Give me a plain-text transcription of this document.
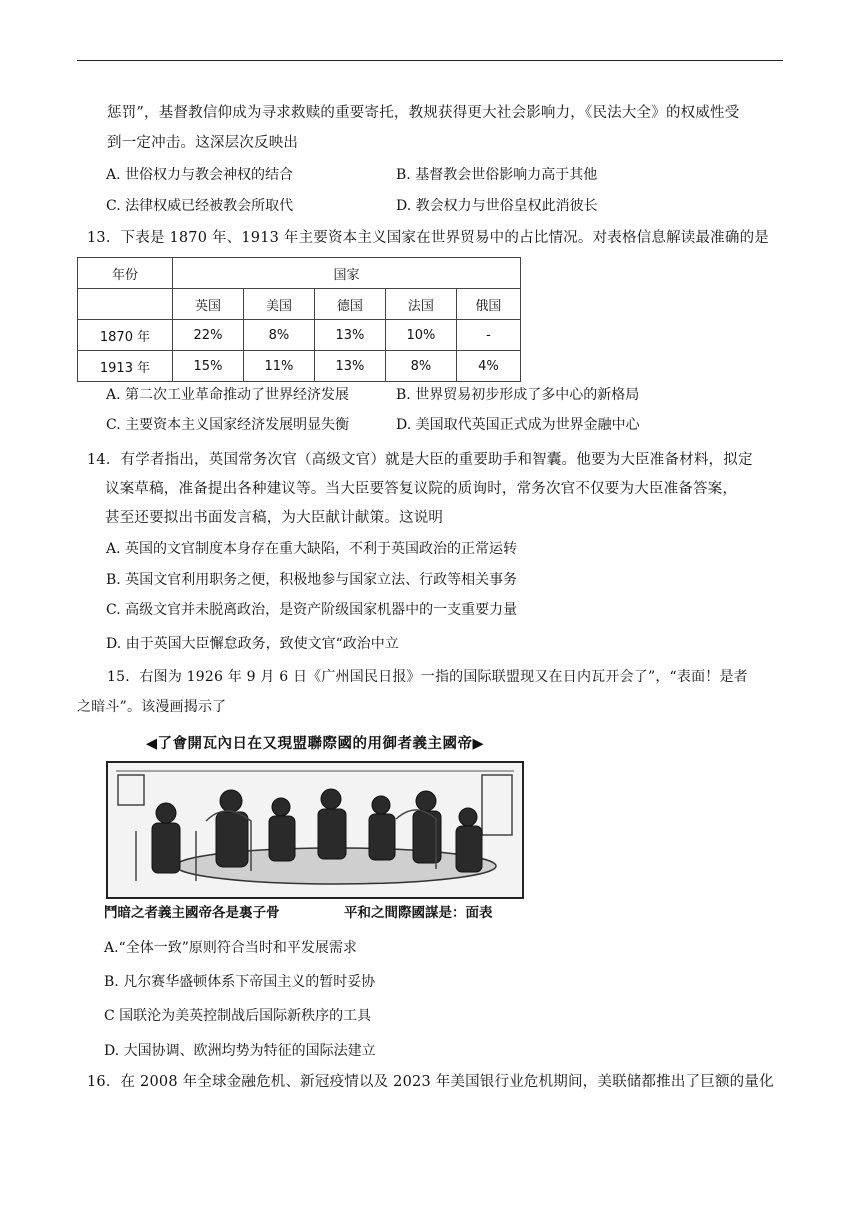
惩罚”，基督教信仰成为寻求救赎的重要寄托，教规获得更大社会影响力，《民法大全》的权威性受
到一定冲击。这深层次反映出
A. 世俗权力与教会神权的结合	B. 基督教会世俗影响力高于其他
C. 法律权威已经被教会所取代	D. 教会权力与世俗皇权此消彼长
13．下表是 1870 年、1913 年主要资本主义国家在世界贸易中的占比情况。对表格信息解读最准确的是
年份	国家				
	英国	美国	德国	法国	俄国
1870 年	22%	8%	13%	10%	-
1913 年	15%	11%	13%	8%	4%
A. 第二次工业革命推动了世界经济发展	B. 世界贸易初步形成了多中心的新格局
C. 主要资本主义国家经济发展明显失衡	D. 美国取代英国正式成为世界金融中心
14．有学者指出，英国常务次官（高级文官）就是大臣的重要助手和智囊。他要为大臣准备材料，拟定
议案草稿，准备提出各种建议等。当大臣要答复议院的质询时，常务次官不仅要为大臣准备答案，
甚至还要拟出书面发言稿，为大臣献计献策。这说明
A. 英国的文官制度本身存在重大缺陷，不利于英国政治的正常运转
B. 英国文官利用职务之便，积极地参与国家立法、行政等相关事务
C. 高级文官并未脱离政治，是资产阶级国家机器中的一支重要力量
D. 由于英国大臣懈怠政务，致使文官“政治中立
15．右图为 1926 年 9 月 6 日《广州国民日报》一指的国际联盟现又在日内瓦开会了”，“表面！是者
之暗斗”。该漫画揭示了
◀了會開瓦內日在又現盟聯際國的用御者義主國帝▶
鬥暗之者義主國帝各是裏子骨	平和之間際國謀是：面表
A.“全体一致”原则符合当时和平发展需求
B. 凡尔赛华盛顿体系下帝国主义的暂时妥协
C 国联沦为美英控制战后国际新秩序的工具
D. 大国协调、欧洲均势为特征的国际法建立
16．在 2008 年全球金融危机、新冠疫情以及 2023 年美国银行业危机期间，美联储都推出了巨额的量化
